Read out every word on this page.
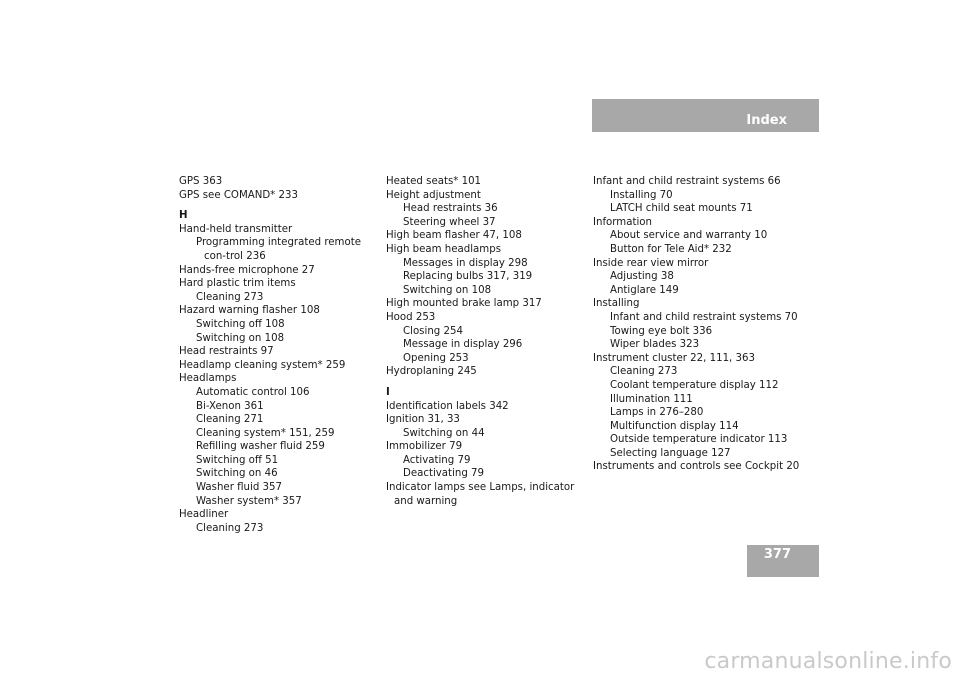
Index
GPS 363
GPS see COMAND* 233
H
Hand-held transmitter
Programming integrated remote con-trol 236
Hands-free microphone 27
Hard plastic trim items
Cleaning 273
Hazard warning flasher 108
Switching off 108
Switching on 108
Head restraints 97
Headlamp cleaning system* 259
Headlamps
Automatic control 106
Bi-Xenon 361
Cleaning 271
Cleaning system* 151, 259
Refilling washer fluid 259
Switching off 51
Switching on 46
Washer fluid 357
Washer system* 357
Headliner
Cleaning 273
Heated seats* 101
Height adjustment
Head restraints 36
Steering wheel 37
High beam flasher 47, 108
High beam headlamps
Messages in display 298
Replacing bulbs 317, 319
Switching on 108
High mounted brake lamp 317
Hood 253
Closing 254
Message in display 296
Opening 253
Hydroplaning 245
I
Identification labels 342
Ignition 31, 33
Switching on 44
Immobilizer 79
Activating 79
Deactivating 79
Indicator lamps see Lamps, indicator and warning
Infant and child restraint systems 66
Installing 70
LATCH child seat mounts 71
Information
About service and warranty 10
Button for Tele Aid* 232
Inside rear view mirror
Adjusting 38
Antiglare 149
Installing
Infant and child restraint systems 70
Towing eye bolt 336
Wiper blades 323
Instrument cluster 22, 111, 363
Cleaning 273
Coolant temperature display 112
Illumination 111
Lamps in 276–280
Multifunction display 114
Outside temperature indicator 113
Selecting language 127
Instruments and controls see Cockpit 20
377
carmanualsonline.info
